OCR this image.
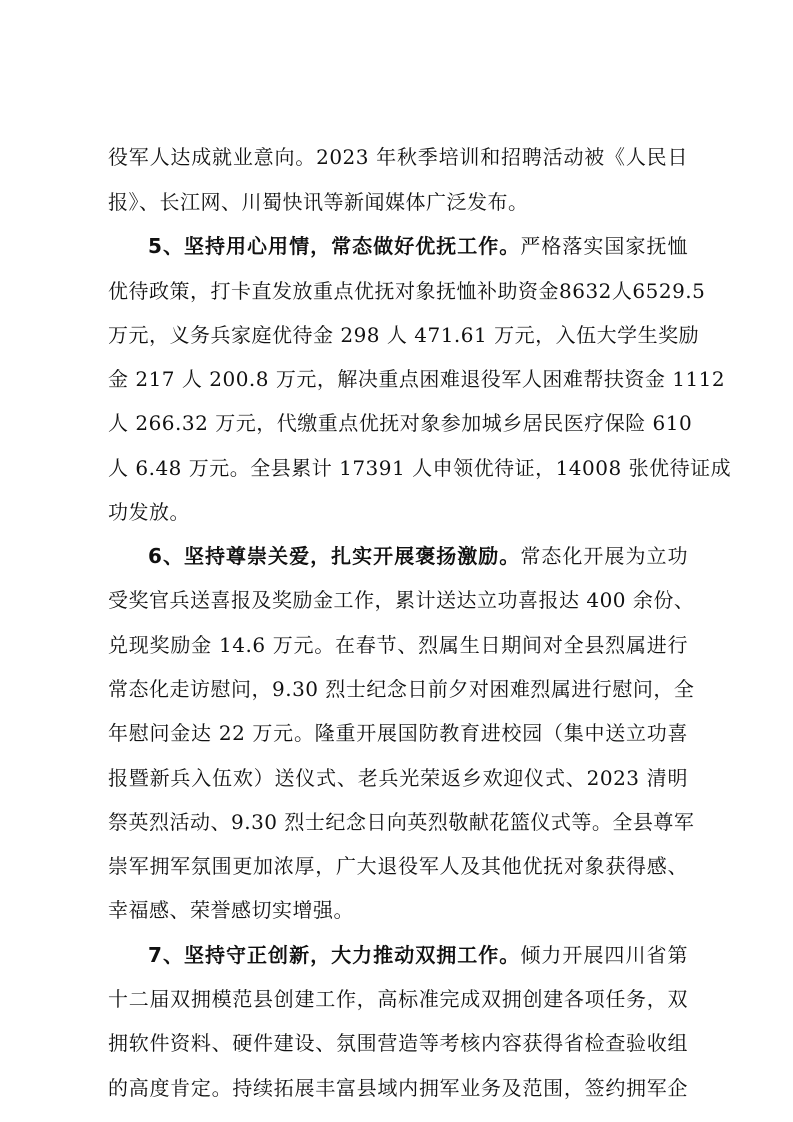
役军人达成就业意向。2023 年秋季培训和招聘活动被《人民日
报》、长江网、川蜀快讯等新闻媒体广泛发布。
5、坚持用心用情，常态做好优抚工作。严格落实国家抚恤
优待政策，打卡直发放重点优抚对象抚恤补助资金8632人6529.5
万元，义务兵家庭优待金 298 人 471.61 万元，入伍大学生奖励
金 217 人 200.8 万元，解决重点困难退役军人困难帮扶资金 1112
人 266.32 万元，代缴重点优抚对象参加城乡居民医疗保险 610
人 6.48 万元。全县累计 17391 人申领优待证，14008 张优待证成
功发放。
6、坚持尊崇关爱，扎实开展褒扬激励。常态化开展为立功
受奖官兵送喜报及奖励金工作，累计送达立功喜报达 400 余份、
兑现奖励金 14.6 万元。在春节、烈属生日期间对全县烈属进行
常态化走访慰问，9.30 烈士纪念日前夕对困难烈属进行慰问，全
年慰问金达 22 万元。隆重开展国防教育进校园（集中送立功喜
报暨新兵入伍欢）送仪式、老兵光荣返乡欢迎仪式、2023 清明
祭英烈活动、9.30 烈士纪念日向英烈敬献花篮仪式等。全县尊军
崇军拥军氛围更加浓厚，广大退役军人及其他优抚对象获得感、
幸福感、荣誉感切实增强。
7、坚持守正创新，大力推动双拥工作。倾力开展四川省第
十二届双拥模范县创建工作，高标准完成双拥创建各项任务，双
拥软件资料、硬件建设、氛围营造等考核内容获得省检查验收组
的高度肯定。持续拓展丰富县域内拥军业务及范围，签约拥军企
